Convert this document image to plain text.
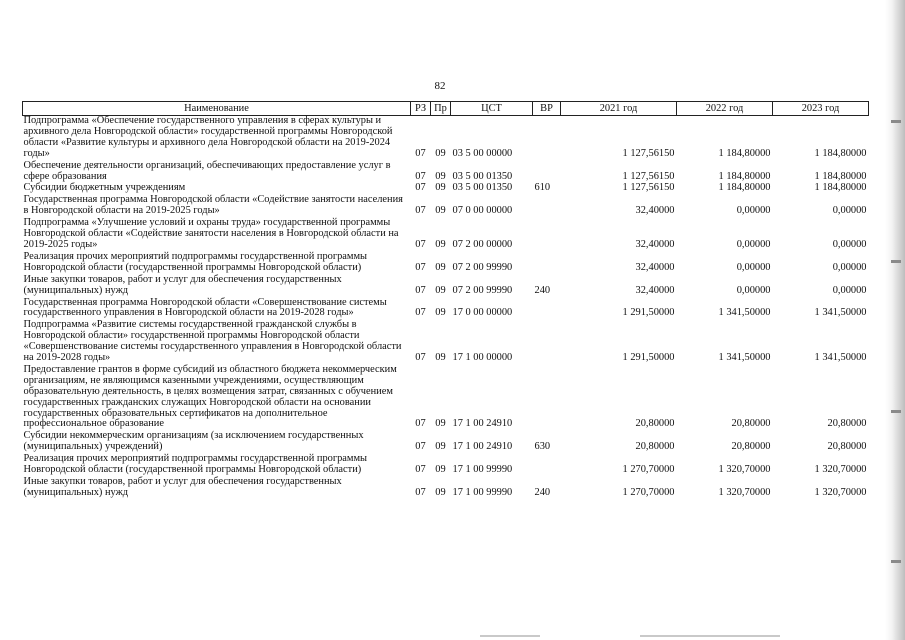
82
Наименование	РЗ	Пр	ЦСТ	ВР	2021 год	2022 год	2023 год
Подпрограмма «Обеспечение государственного управления в сферах культуры и архивного дела Новгородской области» государственной программы Новгородской области «Развитие культуры и архивного дела Новгородской области на 2019-2024 годы»	07	09	03 5 00 00000		1 127,56150	1 184,80000	1 184,80000
Обеспечение деятельности организаций, обеспечивающих предоставление услуг в сфере образования	07	09	03 5 00 01350		1 127,56150	1 184,80000	1 184,80000
Субсидии бюджетным учреждениям	07	09	03 5 00 01350	610	1 127,56150	1 184,80000	1 184,80000
Государственная программа Новгородской области «Содействие занятости населения в Новгородской области на 2019-2025 годы»	07	09	07 0 00 00000		32,40000	0,00000	0,00000
Подпрограмма «Улучшение условий и охраны труда» государственной программы Новгородской области «Содействие занятости населения в Новгородской области на 2019-2025 годы»	07	09	07 2 00 00000		32,40000	0,00000	0,00000
Реализация прочих мероприятий подпрограммы государственной программы Новгородской области (государственной программы Новгородской области)	07	09	07 2 00 99990		32,40000	0,00000	0,00000
Иные закупки товаров, работ и услуг для обеспечения государственных (муниципальных) нужд	07	09	07 2 00 99990	240	32,40000	0,00000	0,00000
Государственная программа Новгородской области «Совершенствование системы государственного управления в Новгородской области на 2019-2028 годы»	07	09	17 0 00 00000		1 291,50000	1 341,50000	1 341,50000
Подпрограмма «Развитие системы государственной гражданской службы в Новгородской области» государственной программы Новгородской области «Совершенствование системы государственного управления в Новгородской области на 2019-2028 годы»	07	09	17 1 00 00000		1 291,50000	1 341,50000	1 341,50000
Предоставление грантов в форме субсидий из областного бюджета некоммерческим организациям, не являющимся казенными учреждениями, осуществляющим образовательную деятельность, в целях возмещения затрат, связанных с обучением государственных гражданских служащих Новгородской области на основании государственных образовательных сертификатов на дополнительное профессиональное образование	07	09	17 1 00 24910		20,80000	20,80000	20,80000
Субсидии некоммерческим организациям (за исключением государственных (муниципальных) учреждений)	07	09	17 1 00 24910	630	20,80000	20,80000	20,80000
Реализация прочих мероприятий подпрограммы государственной программы Новгородской области (государственной программы Новгородской области)	07	09	17 1 00 99990		1 270,70000	1 320,70000	1 320,70000
Иные закупки товаров, работ и услуг для обеспечения государственных (муниципальных) нужд	07	09	17 1 00 99990	240	1 270,70000	1 320,70000	1 320,70000
